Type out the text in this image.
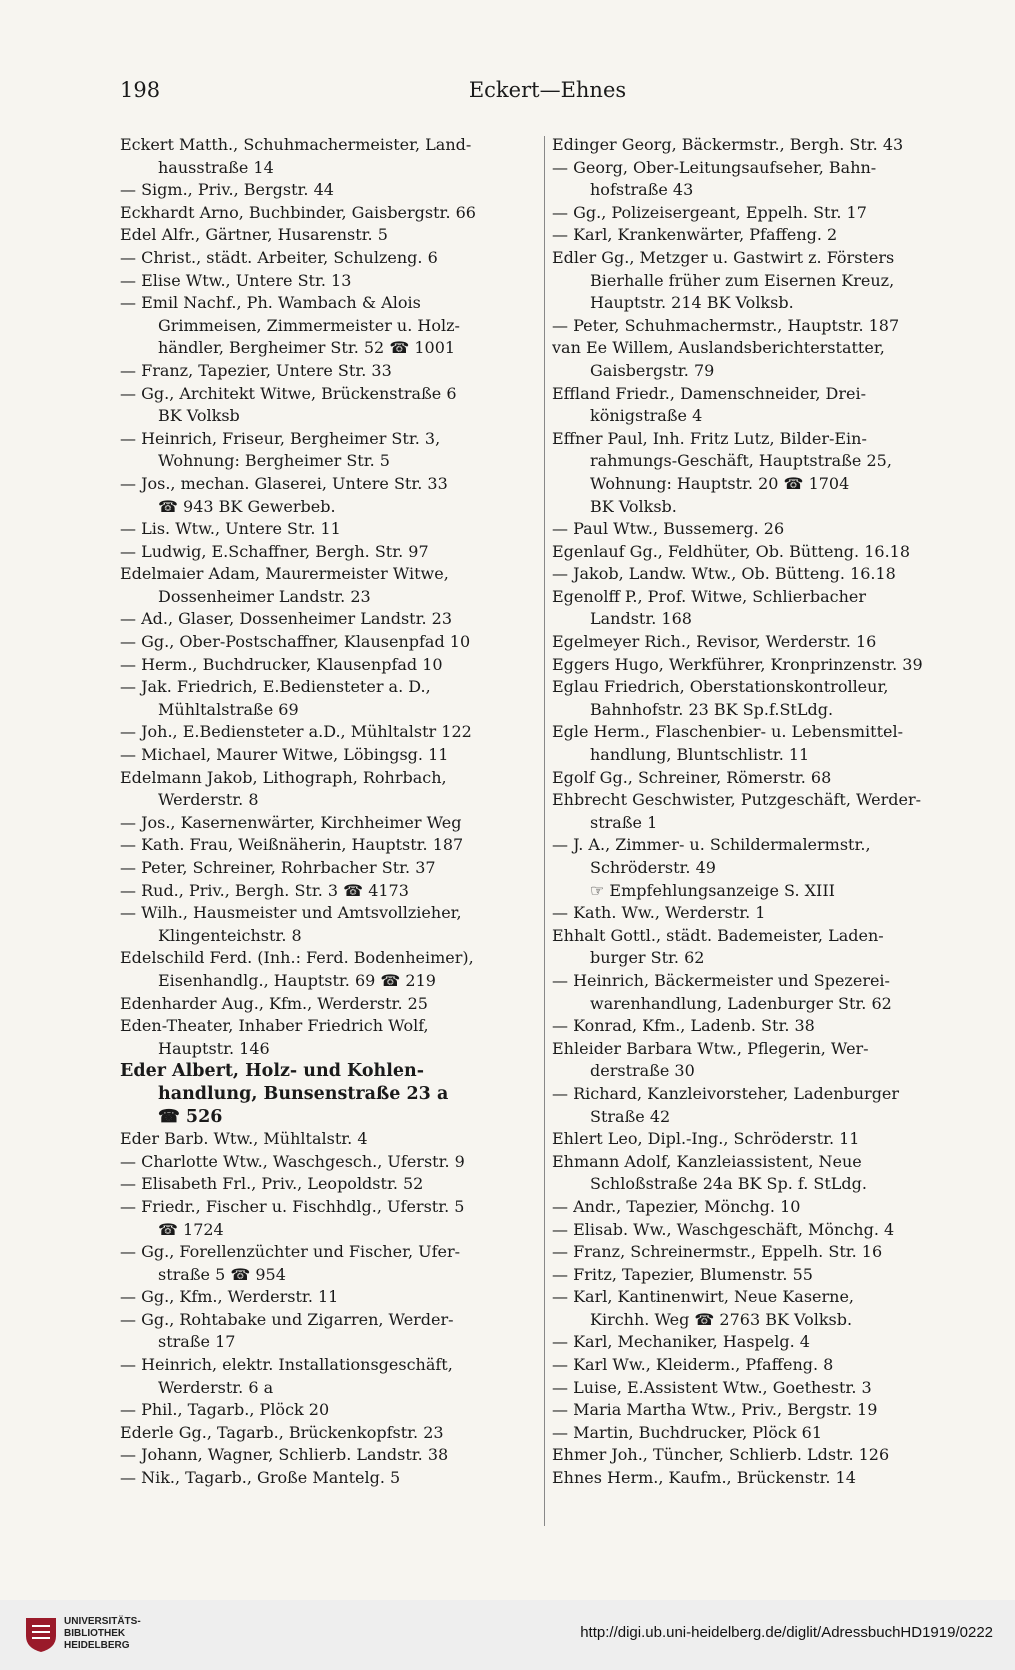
198	Eckert—Ehnes
Eckert Matth., Schuhmachermeister, Land-
hausstraße 14
— Sigm., Priv., Bergstr. 44
Eckhardt Arno, Buchbinder, Gaisbergstr. 66
Edel Alfr., Gärtner, Husarenstr. 5
— Christ., städt. Arbeiter, Schulzeng. 6
— Elise Wtw., Untere Str. 13
— Emil Nachf., Ph. Wambach & Alois
Grimmeisen, Zimmermeister u. Holz-
händler, Bergheimer Str. 52 ☎ 1001
— Franz, Tapezier, Untere Str. 33
— Gg., Architekt Witwe, Brückenstraße 6
BK Volksb
— Heinrich, Friseur, Bergheimer Str. 3,
Wohnung: Bergheimer Str. 5
— Jos., mechan. Glaserei, Untere Str. 33
☎ 943 BK Gewerbeb.
— Lis. Wtw., Untere Str. 11
— Ludwig, E.Schaffner, Bergh. Str. 97
Edelmaier Adam, Maurermeister Witwe,
Dossenheimer Landstr. 23
— Ad., Glaser, Dossenheimer Landstr. 23
— Gg., Ober-Postschaffner, Klausenpfad 10
— Herm., Buchdrucker, Klausenpfad 10
— Jak. Friedrich, E.Bediensteter a. D.,
Mühltalstraße 69
— Joh., E.Bediensteter a.D., Mühltalstr 122
— Michael, Maurer Witwe, Löbingsg. 11
Edelmann Jakob, Lithograph, Rohrbach,
Werderstr. 8
— Jos., Kasernenwärter, Kirchheimer Weg
— Kath. Frau, Weißnäherin, Hauptstr. 187
— Peter, Schreiner, Rohrbacher Str. 37
— Rud., Priv., Bergh. Str. 3 ☎ 4173
— Wilh., Hausmeister und Amtsvollzieher,
Klingenteichstr. 8
Edelschild Ferd. (Inh.: Ferd. Bodenheimer),
Eisenhandlg., Hauptstr. 69 ☎ 219
Edenharder Aug., Kfm., Werderstr. 25
Eden-Theater, Inhaber Friedrich Wolf,
Hauptstr. 146
Eder Albert, Holz- und Kohlen-
handlung, Bunsenstraße 23 a
☎ 526
Eder Barb. Wtw., Mühltalstr. 4
— Charlotte Wtw., Waschgesch., Uferstr. 9
— Elisabeth Frl., Priv., Leopoldstr. 52
— Friedr., Fischer u. Fischhdlg., Uferstr. 5
☎ 1724
— Gg., Forellenzüchter und Fischer, Ufer-
straße 5 ☎ 954
— Gg., Kfm., Werderstr. 11
— Gg., Rohtabake und Zigarren, Werder-
straße 17
— Heinrich, elektr. Installationsgeschäft,
Werderstr. 6 a
— Phil., Tagarb., Plöck 20
Ederle Gg., Tagarb., Brückenkopfstr. 23
— Johann, Wagner, Schlierb. Landstr. 38
— Nik., Tagarb., Große Mantelg. 5
Edinger Georg, Bäckermstr., Bergh. Str. 43
— Georg, Ober-Leitungsaufseher, Bahn-
hofstraße 43
— Gg., Polizeisergeant, Eppelh. Str. 17
— Karl, Krankenwärter, Pfaffeng. 2
Edler Gg., Metzger u. Gastwirt z. Försters
Bierhalle früher zum Eisernen Kreuz,
Hauptstr. 214 BK Volksb.
— Peter, Schuhmachermstr., Hauptstr. 187
van Ee Willem, Auslandsberichterstatter,
Gaisbergstr. 79
Effland Friedr., Damenschneider, Drei-
königstraße 4
Effner Paul, Inh. Fritz Lutz, Bilder-Ein-
rahmungs-Geschäft, Hauptstraße 25,
Wohnung: Hauptstr. 20 ☎ 1704
BK Volksb.
— Paul Wtw., Bussemerg. 26
Egenlauf Gg., Feldhüter, Ob. Bütteng. 16.18
— Jakob, Landw. Wtw., Ob. Bütteng. 16.18
Egenolff P., Prof. Witwe, Schlierbacher
Landstr. 168
Egelmeyer Rich., Revisor, Werderstr. 16
Eggers Hugo, Werkführer, Kronprinzenstr. 39
Eglau Friedrich, Oberstationskontrolleur,
Bahnhofstr. 23 BK Sp.f.StLdg.
Egle Herm., Flaschenbier- u. Lebensmittel-
handlung, Bluntschlistr. 11
Egolf Gg., Schreiner, Römerstr. 68
Ehbrecht Geschwister, Putzgeschäft, Werder-
straße 1
— J. A., Zimmer- u. Schildermalermstr.,
Schröderstr. 49
☞ Empfehlungsanzeige S. XIII
— Kath. Ww., Werderstr. 1
Ehhalt Gottl., städt. Bademeister, Laden-
burger Str. 62
— Heinrich, Bäckermeister und Spezerei-
warenhandlung, Ladenburger Str. 62
— Konrad, Kfm., Ladenb. Str. 38
Ehleider Barbara Wtw., Pflegerin, Wer-
derstraße 30
— Richard, Kanzleivorsteher, Ladenburger
Straße 42
Ehlert Leo, Dipl.-Ing., Schröderstr. 11
Ehmann Adolf, Kanzleiassistent, Neue
Schloßstraße 24a BK Sp. f. StLdg.
— Andr., Tapezier, Mönchg. 10
— Elisab. Ww., Waschgeschäft, Mönchg. 4
— Franz, Schreinermstr., Eppelh. Str. 16
— Fritz, Tapezier, Blumenstr. 55
— Karl, Kantinenwirt, Neue Kaserne,
Kirchh. Weg ☎ 2763 BK Volksb.
— Karl, Mechaniker, Haspelg. 4
— Karl Ww., Kleiderm., Pfaffeng. 8
— Luise, E.Assistent Wtw., Goethestr. 3
— Maria Martha Wtw., Priv., Bergstr. 19
— Martin, Buchdrucker, Plöck 61
Ehmer Joh., Tüncher, Schlierb. Ldstr. 126
Ehnes Herm., Kaufm., Brückenstr. 14
UNIVERSITÄTS-
BIBLIOTHEK
HEIDELBERG
http://digi.ub.uni-heidelberg.de/diglit/AdressbuchHD1919/0222
